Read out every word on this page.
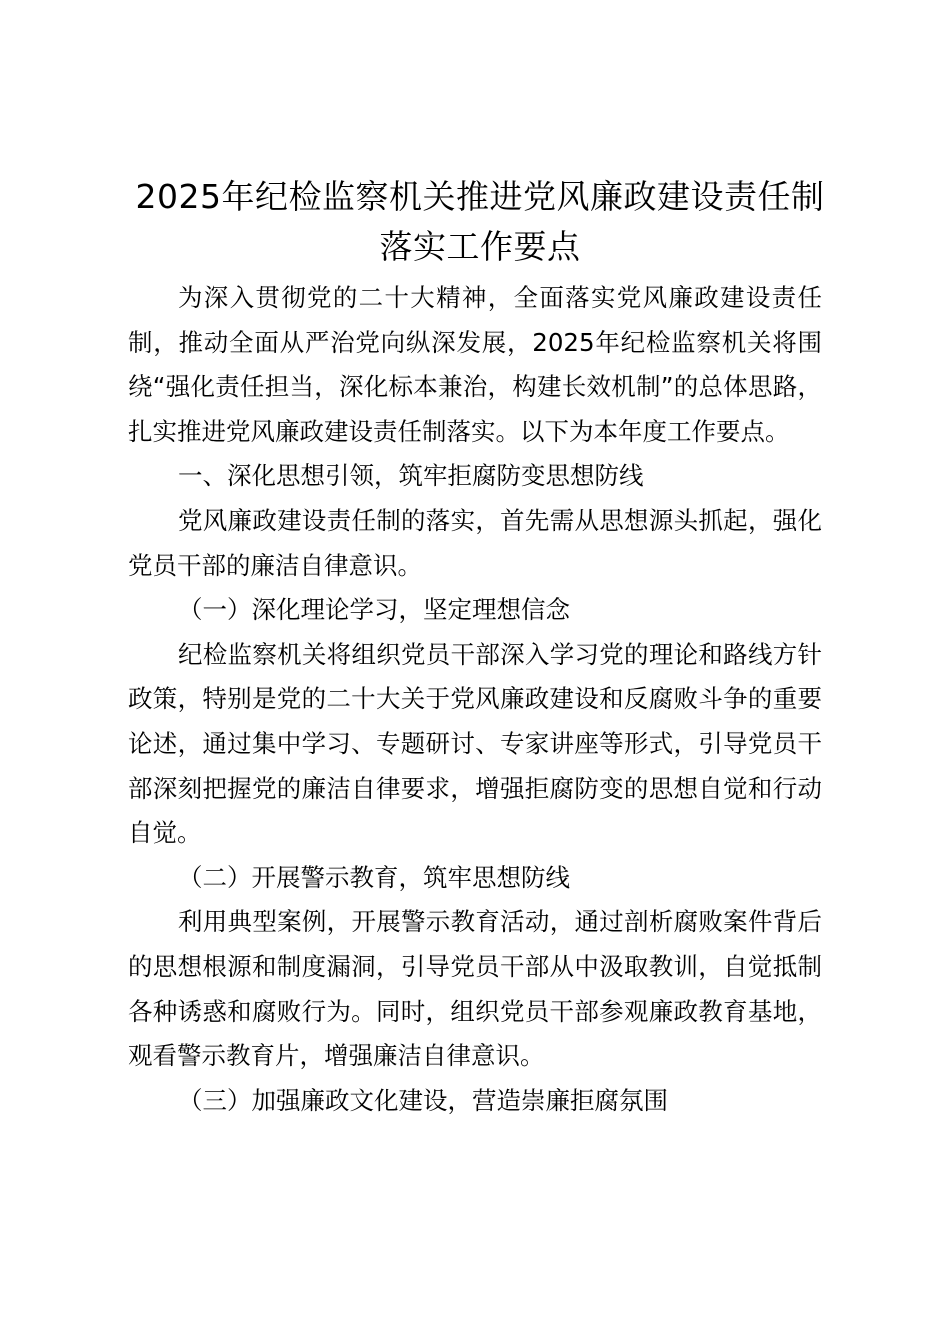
2025年纪检监察机关推进党风廉政建设责任制落实工作要点

为深入贯彻党的二十大精神，全面落实党风廉政建设责任制，推动全面从严治党向纵深发展，2025年纪检监察机关将围绕“强化责任担当，深化标本兼治，构建长效机制”的总体思路，扎实推进党风廉政建设责任制落实。以下为本年度工作要点。

一、深化思想引领，筑牢拒腐防变思想防线

党风廉政建设责任制的落实，首先需从思想源头抓起，强化党员干部的廉洁自律意识。

（一）深化理论学习，坚定理想信念

纪检监察机关将组织党员干部深入学习党的理论和路线方针政策，特别是党的二十大关于党风廉政建设和反腐败斗争的重要论述，通过集中学习、专题研讨、专家讲座等形式，引导党员干部深刻把握党的廉洁自律要求，增强拒腐防变的思想自觉和行动自觉。

（二）开展警示教育，筑牢思想防线

利用典型案例，开展警示教育活动，通过剖析腐败案件背后的思想根源和制度漏洞，引导党员干部从中汲取教训，自觉抵制各种诱惑和腐败行为。同时，组织党员干部参观廉政教育基地，观看警示教育片，增强廉洁自律意识。

（三）加强廉政文化建设，营造崇廉拒腐氛围
